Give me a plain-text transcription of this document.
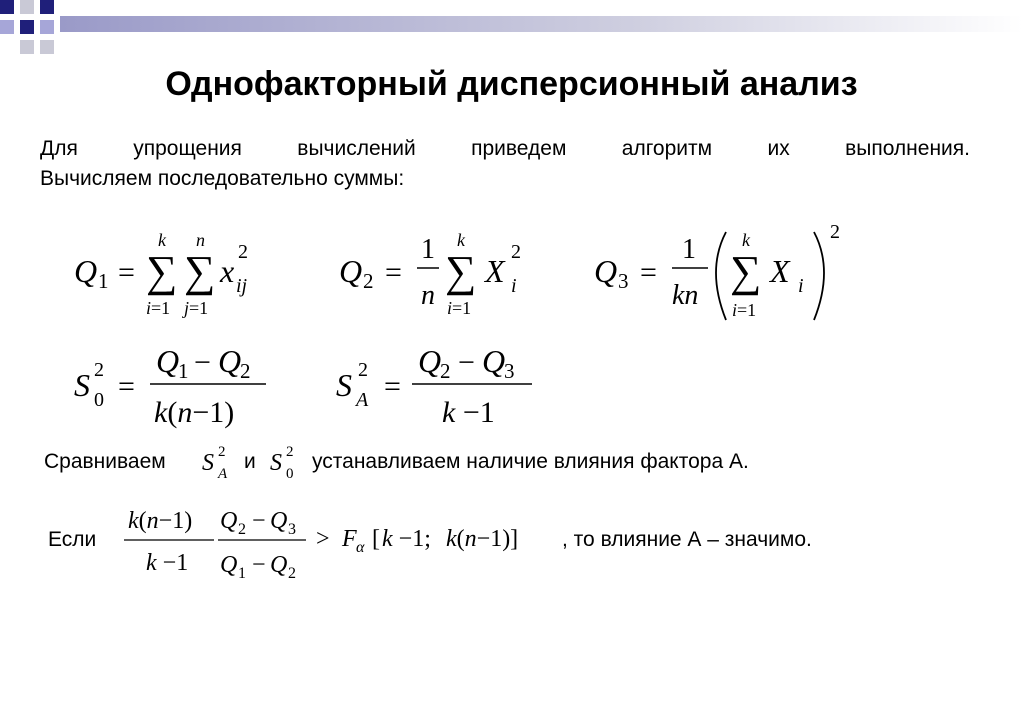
Однофакторный дисперсионный анализ
Для упрощения вычислений приведем алгоритм их выполнения.
Вычисляем последовательно суммы:
Q 1 = ∑
k
i=1
∑
n
j=1
x
2
ij	Q 2 =
1
n ∑
k
i=1
X
2
i Q 3 =
1
kn ∑
k
i=1
X i
2
S 2
0 =
Q
1 − Q
2
k(n−1)
S 2
A =
Q
2 − Q
3
k −1
Сравниваем S 2
A
и S 2
0
устанавливаем наличие влияния фактора А.
Если
k(n−1)
k −1
Q 2 − Q 3
Q 1 − Q 2
> F α [ k −1; k(n−1)] , то влияние А – значимо.
